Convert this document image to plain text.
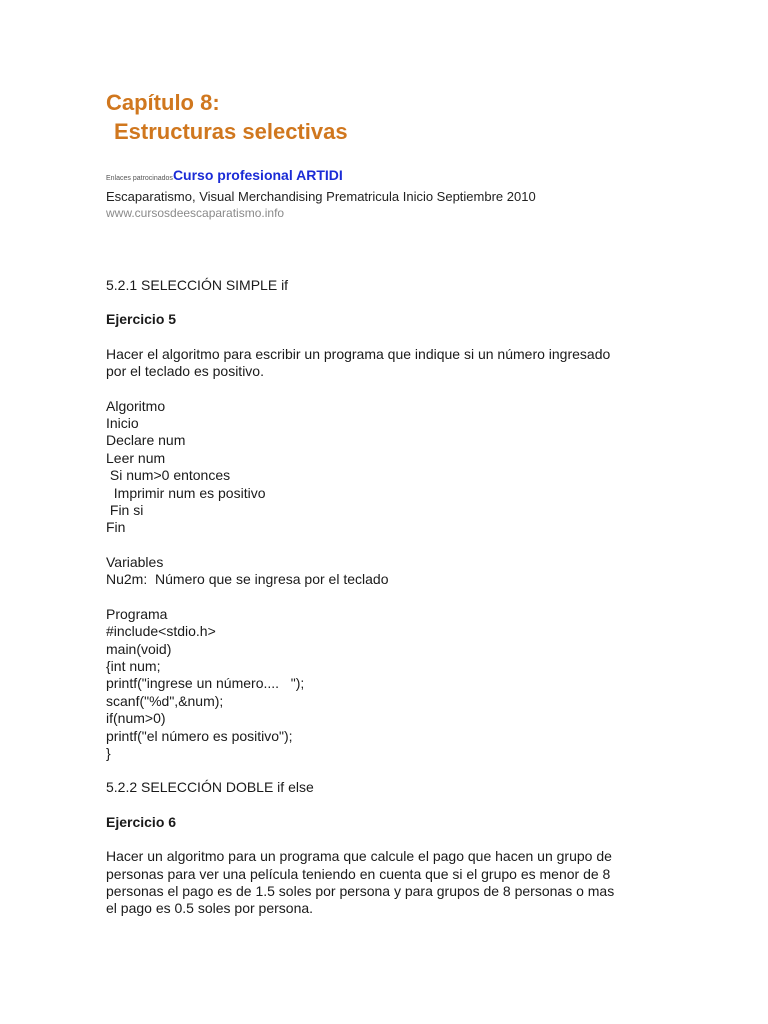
Capítulo 8:
Estructuras selectivas
Enlaces patrocinadosCurso profesional ARTIDI
Escaparatismo, Visual Merchandising Prematricula Inicio Septiembre 2010
www.cursosdeescaparatismo.info
5.2.1 SELECCIÓN SIMPLE if
Ejercicio 5
Hacer el algoritmo para escribir un programa que indique si un número ingresado
por el teclado es positivo.
Algoritmo
Inicio
Declare num
Leer num
Si num>0 entonces
Imprimir num es positivo
Fin si
Fin
Variables
Nu2m:  Número que se ingresa por el teclado
Programa
#include<stdio.h>
main(void)
{int num;
printf("ingrese un número....   ");
scanf("%d",&num);
if(num>0)
printf("el número es positivo");
}
5.2.2 SELECCIÓN DOBLE if else
Ejercicio 6
Hacer un algoritmo para un programa que calcule el pago que hacen un grupo de
personas para ver una película teniendo en cuenta que si el grupo es menor de 8
personas el pago es de 1.5 soles por persona y para grupos de 8 personas o mas
el pago es 0.5 soles por persona.
